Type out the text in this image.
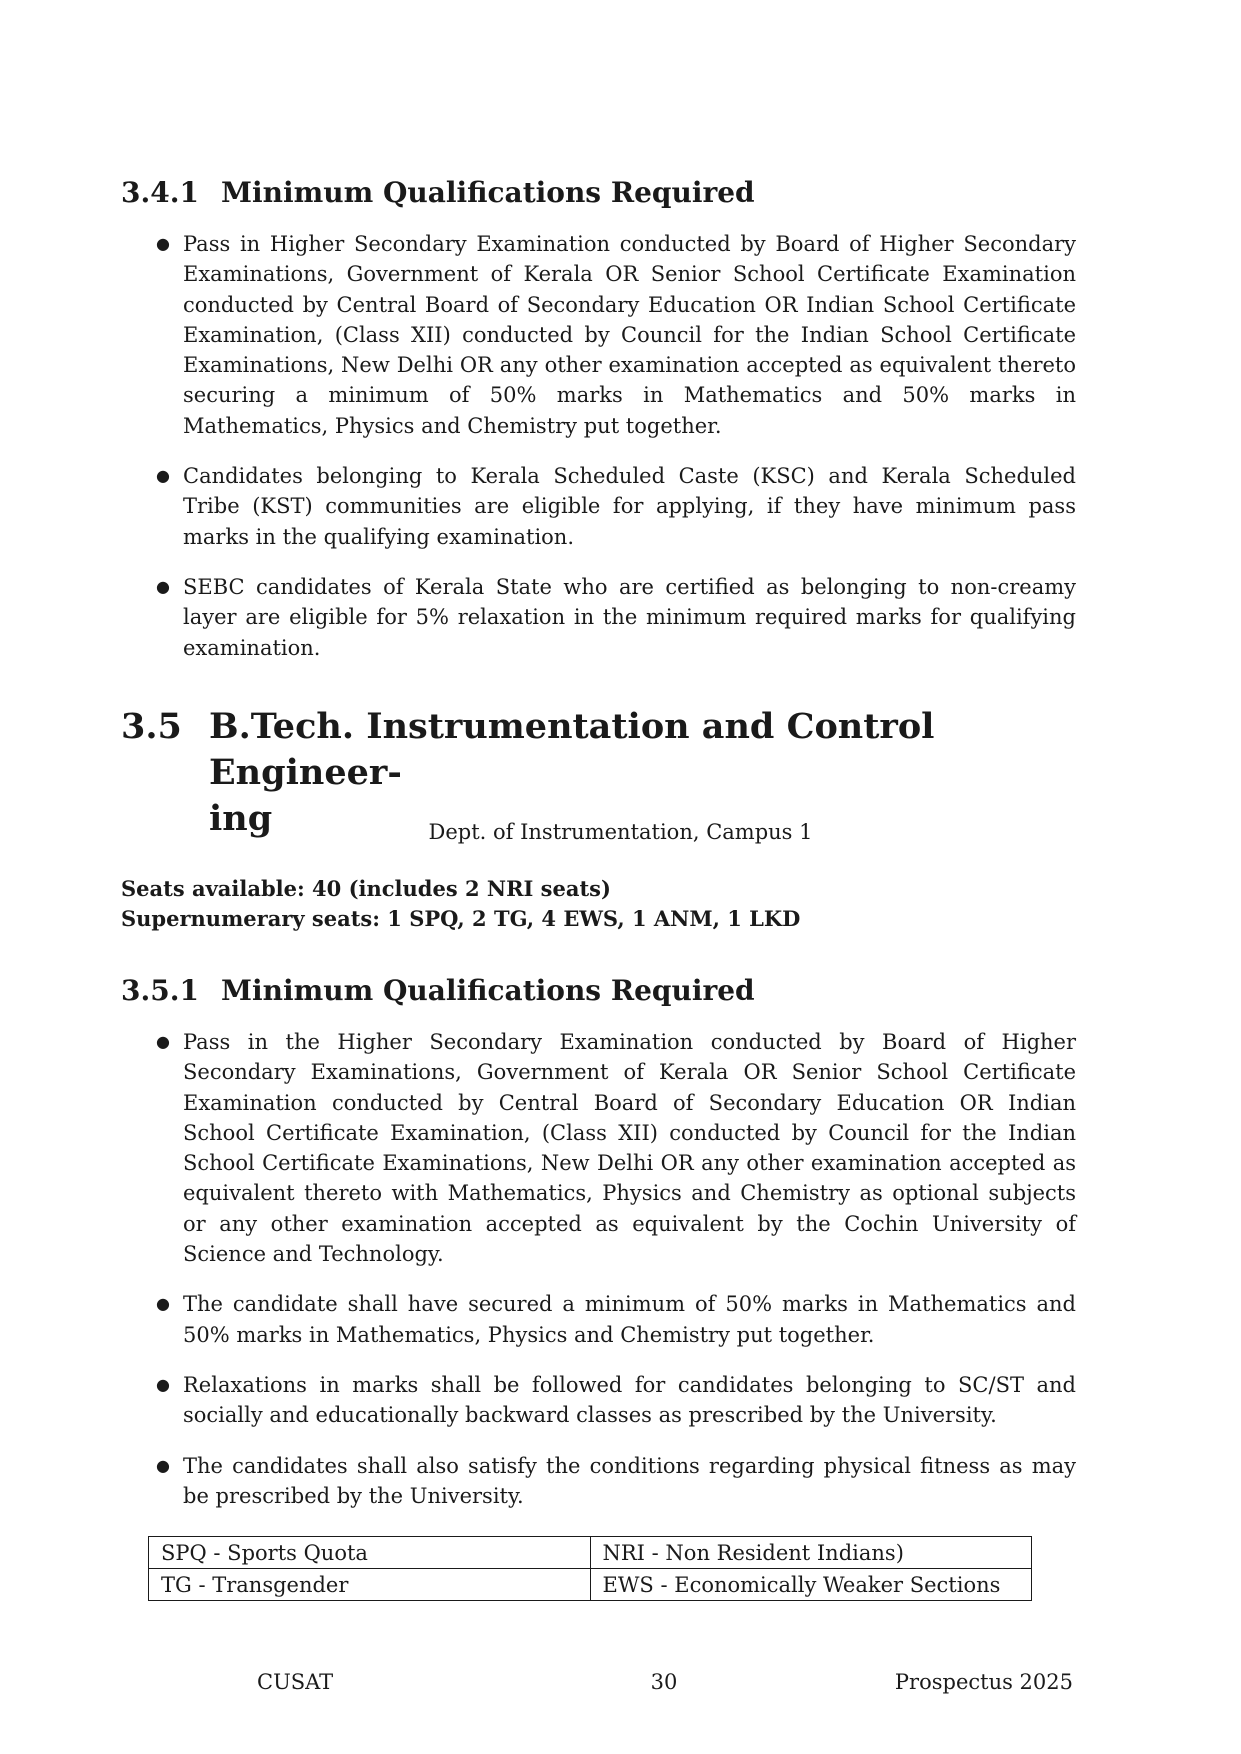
3.4.1 Minimum Qualifications Required
● Pass in Higher Secondary Examination conducted by Board of Higher Secondary Examinations, Government of Kerala OR Senior School Certificate Examination conducted by Central Board of Secondary Education OR Indian School Certificate Examination, (Class XII) conducted by Council for the Indian School Certificate Examinations, New Delhi OR any other examination accepted as equivalent thereto securing a minimum of 50% marks in Mathematics and 50% marks in Mathematics, Physics and Chemistry put together.
● Candidates belonging to Kerala Scheduled Caste (KSC) and Kerala Scheduled Tribe (KST) communities are eligible for applying, if they have minimum pass marks in the qualifying examination.
● SEBC candidates of Kerala State who are certified as belonging to non-creamy layer are eligible for 5% relaxation in the minimum required marks for qualifying examination.
3.5 B.Tech. Instrumentation and Control Engineer-
ing	Dept. of Instrumentation, Campus 1
Seats available: 40 (includes 2 NRI seats)
Supernumerary seats: 1 SPQ, 2 TG, 4 EWS, 1 ANM, 1 LKD
3.5.1 Minimum Qualifications Required
● Pass in the Higher Secondary Examination conducted by Board of Higher Secondary Examinations, Government of Kerala OR Senior School Certificate Examination conducted by Central Board of Secondary Education OR Indian School Certificate Examination, (Class XII) conducted by Council for the Indian School Certificate Examinations, New Delhi OR any other examination accepted as equivalent thereto with Mathematics, Physics and Chemistry as optional subjects or any other examination accepted as equivalent by the Cochin University of Science and Technology.
● The candidate shall have secured a minimum of 50% marks in Mathematics and 50% marks in Mathematics, Physics and Chemistry put together.
● Relaxations in marks shall be followed for candidates belonging to SC/ST and socially and educationally backward classes as prescribed by the University.
● The candidates shall also satisfy the conditions regarding physical fitness as may be prescribed by the University.
SPQ - Sports Quota	NRI - Non Resident Indians)
TG - Transgender	EWS - Economically Weaker Sections
CUSAT	30	Prospectus 2025
